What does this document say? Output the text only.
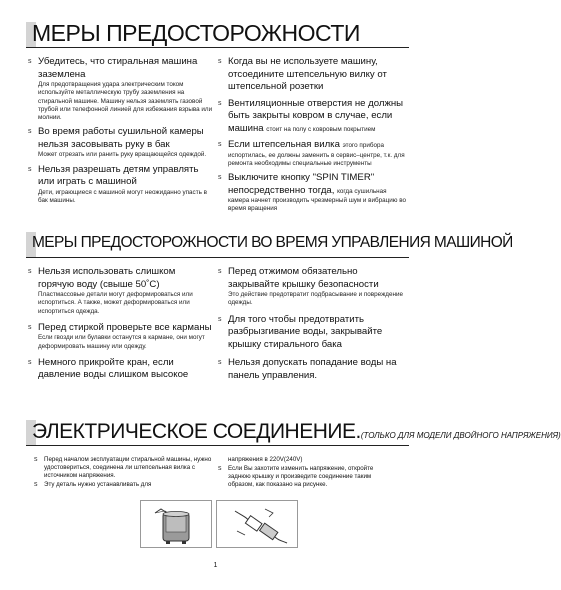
МЕРЫ ПРЕДОСТОРОЖНОСТИ
s Убедитесь, что стиральная машина заземлена
Для предотвращения удара электрическим током используйте металлическую трубу заземления на стиральной машине. Машину нельзя заземлять газовой трубой или телефонной линией для избежания взрыва или молнии.
s Во время работы сушильной камеры нельзя засовывать руку в бак
Может отрезать или ранить руку вращающейся одеждой.
s Нельзя разрешать детям управлять или играть с машиной
Дети, играющиеся с машиной могут неожиданно упасть в бак машины.
s Когда вы не используете машину, отсоедините штепсельную вилку от штепсельной розетки
s Вентиляционные отверстия не должны быть закрыты ковром в случае, если машина стоит на полу с ковровым покрытием
s Если штепсельная вилка этого прибора
испортилась, ее должны заменить в сервис–центре, т.к. для ремонта необходимы специальные инструменты
s Выключите кнопку "SPIN TIMER" непосредственно тогда, когда сушильная
камера начнет производить чрезмерный шум и вибрацию во время вращения
МЕРЫ ПРЕДОСТОРОЖНОСТИ ВО ВРЕМЯ УПРАВЛЕНИЯ МАШИНОЙ
s Нельзя использовать слишком горячую воду (свыше 50˚C)
Пластмассовые детали могут деформироваться или испортиться. А также, может деформироваться или испортиться одежда.
s Перед стиркой проверьте все карманы
Если гвозди или булавки останутся в кармане, они могут деформировать машину или одежду.
s Немного прикройте кран, если давление воды слишком высокое
s Перед отжимом обязательно закрывайте крышку безопасности
Это действие предотвратит подбрасывание и повреждение одежды.
s Для того чтобы предотвратить разбрызгивание воды, закрывайте крышку стирального бака
s Нельзя допускать попадание воды на панель управления.
ЭЛЕКТРИЧЕСКОЕ СОЕДИНЕНИЕ.(ТОЛЬКО ДЛЯ МОДЕЛИ ДВОЙНОГО НАПРЯЖЕНИЯ)
s Перед началом эксплуатации стиральной машины, нужно удостовериться, соединена ли штепсельная вилка с источником напряжения.
s Эту деталь нужно устанавливать для
напряжения в 220V(240V)
s Если Вы захотите изменить напряжение, откройте заднюю крышку и произведите соединение таким образом, как показано на рисунке.
1
